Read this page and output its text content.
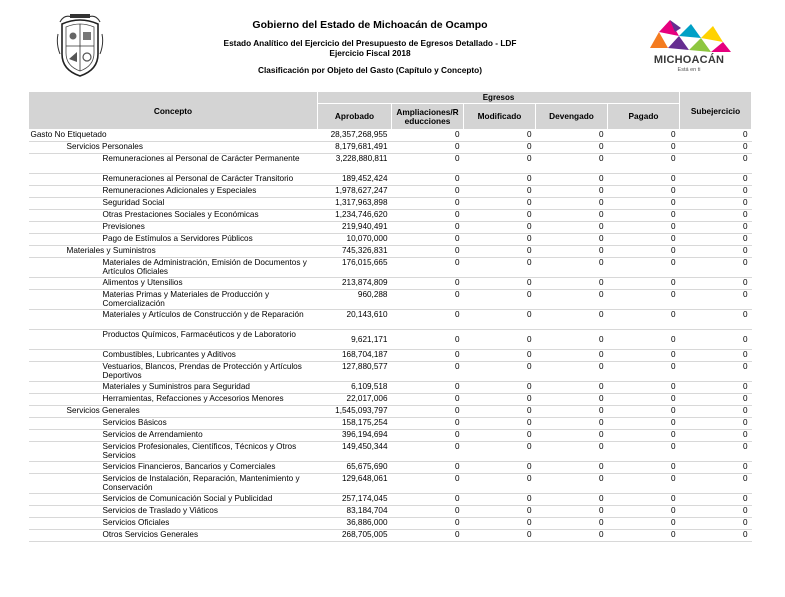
Gobierno del Estado de Michoacán de Ocampo
Estado Analítico del Ejercicio del Presupuesto de Egresos Detallado - LDF
Ejercicio Fiscal 2018
Clasificación por Objeto del Gasto (Capítulo y Concepto)
MICHOACÁN
Está en ti
Concepto	Egresos					Subejercicio
	Aprobado	Ampliaciones/R educciones	Modificado	Devengado	Pagado	
Gasto No Etiquetado	28,357,268,955	0	0	0	0	0
Servicios Personales	8,179,681,491	0	0	0	0	0
Remuneraciones al Personal de Carácter Permanente	3,228,880,811	0	0	0	0	0
Remuneraciones al Personal de Carácter Transitorio	189,452,424	0	0	0	0	0
Remuneraciones Adicionales y Especiales	1,978,627,247	0	0	0	0	0
Seguridad Social	1,317,963,898	0	0	0	0	0
Otras Prestaciones Sociales y Económicas	1,234,746,620	0	0	0	0	0
Previsiones	219,940,491	0	0	0	0	0
Pago de Estímulos a Servidores Públicos	10,070,000	0	0	0	0	0
Materiales y Suministros	745,326,831	0	0	0	0	0
Materiales de Administración, Emisión de Documentos y Artículos Oficiales	176,015,665	0	0	0	0	0
Alimentos y Utensilios	213,874,809	0	0	0	0	0
Materias Primas y Materiales de Producción y Comercialización	960,288	0	0	0	0	0
Materiales y Artículos de Construcción y de Reparación	20,143,610	0	0	0	0	0
Productos Químicos, Farmacéuticos y de Laboratorio	9,621,171	0	0	0	0	0
Combustibles, Lubricantes y Aditivos	168,704,187	0	0	0	0	0
Vestuarios, Blancos, Prendas de Protección y Artículos Deportivos	127,880,577	0	0	0	0	0
Materiales y Suministros para Seguridad	6,109,518	0	0	0	0	0
Herramientas, Refacciones y Accesorios Menores	22,017,006	0	0	0	0	0
Servicios Generales	1,545,093,797	0	0	0	0	0
Servicios Básicos	158,175,254	0	0	0	0	0
Servicios de Arrendamiento	396,194,694	0	0	0	0	0
Servicios Profesionales, Científicos, Técnicos y Otros Servicios	149,450,344	0	0	0	0	0
Servicios Financieros, Bancarios y Comerciales	65,675,690	0	0	0	0	0
Servicios de Instalación, Reparación, Mantenimiento y Conservación	129,648,061	0	0	0	0	0
Servicios de Comunicación Social y Publicidad	257,174,045	0	0	0	0	0
Servicios de Traslado y Viáticos	83,184,704	0	0	0	0	0
Servicios Oficiales	36,886,000	0	0	0	0	0
Otros Servicios Generales	268,705,005	0	0	0	0	0
